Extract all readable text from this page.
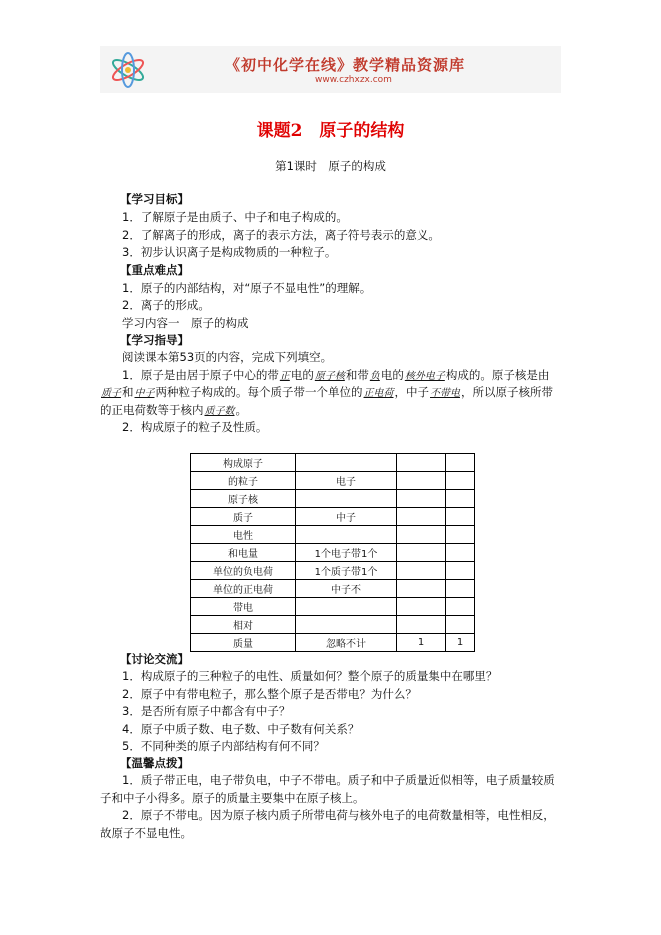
《初中化学在线》教学精品资源库
www.czhxzx.com
课题2　原子的结构
第1课时　原子的构成
【学习目标】
1．了解原子是由质子、中子和电子构成的。
2．了解离子的形成，离子的表示方法，离子符号表示的意义。
3．初步认识离子是构成物质的一种粒子。
【重点难点】
1．原子的内部结构，对“原子不显电性”的理解。
2．离子的形成。
学习内容一　原子的构成
【学习指导】
阅读课本第53页的内容，完成下列填空。
1．原子是由居于原子中心的带正电的原子核和带负电的核外电子构成的。原子核是由
质子和中子两种粒子构成的。每个质子带一个单位的正电荷，中子不带电，所以原子核所带
的正电荷数等于核内质子数。
2．构成原子的粒子及性质。
构成原子			
的粒子	电子		
原子核			
质子	中子		
电性			
和电量	1个电子带1个		
单位的负电荷	1个质子带1个		
单位的正电荷	中子不		
带电			
相对			
质量	忽略不计	1	1
【讨论交流】
1．构成原子的三种粒子的电性、质量如何？整个原子的质量集中在哪里？
2．原子中有带电粒子，那么整个原子是否带电？为什么？
3．是否所有原子中都含有中子？
4．原子中质子数、电子数、中子数有何关系？
5．不同种类的原子内部结构有何不同？
【温馨点拨】
1．质子带正电，电子带负电，中子不带电。质子和中子质量近似相等，电子质量较质
子和中子小得多。原子的质量主要集中在原子核上。
2．原子不带电。因为原子核内质子所带电荷与核外电子的电荷数量相等，电性相反，
故原子不显电性。
